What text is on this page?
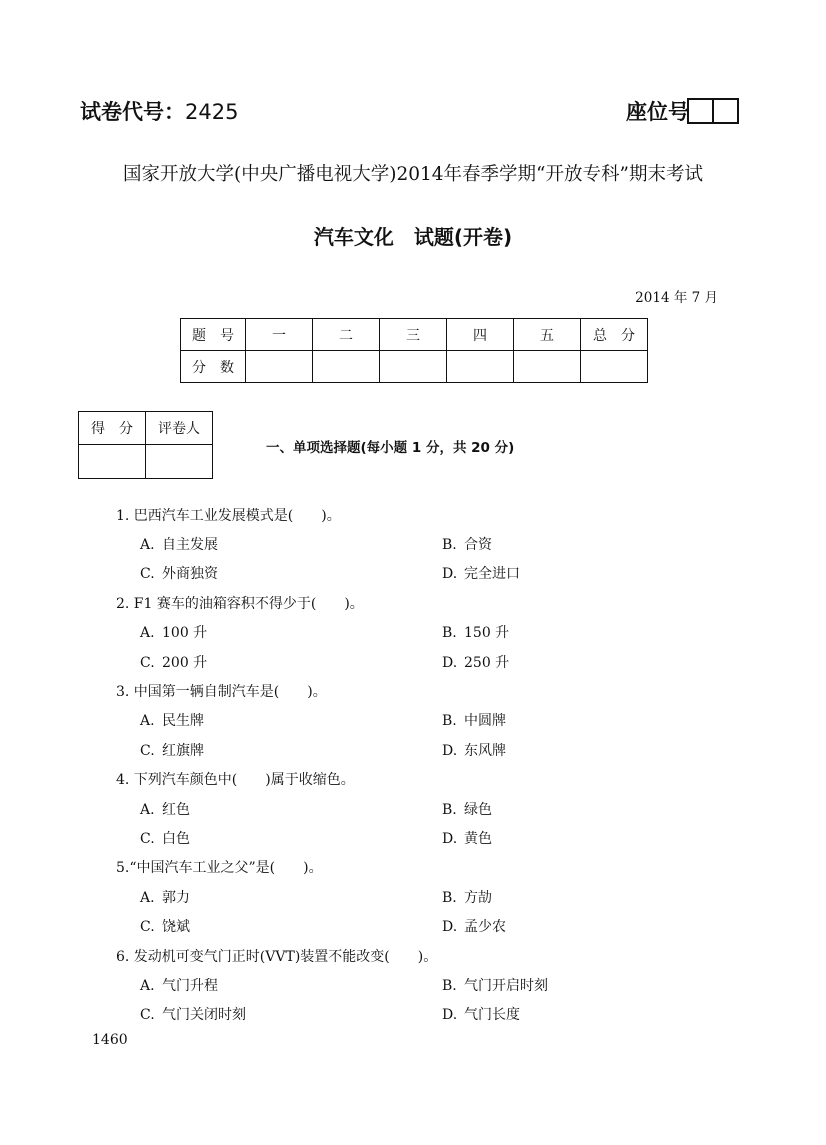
试卷代号：2425	座位号
国家开放大学(中央广播电视大学)2014年春季学期“开放专科”期末考试
汽车文化　试题(开卷)
2014 年 7 月
题　号	一	二	三	四	五	总　分
分　数						
得　分	评卷人

一、单项选择题(每小题 1 分，共 20 分)
1. 巴西汽车工业发展模式是(　　)。
A. 自主发展	B. 合资
C. 外商独资	D. 完全进口
2. F1 赛车的油箱容积不得少于(　　)。
A. 100 升	B. 150 升
C. 200 升	D. 250 升
3. 中国第一辆自制汽车是(　　)。
A. 民生牌	B. 中圆牌
C. 红旗牌	D. 东风牌
4. 下列汽车颜色中(　　)属于收缩色。
A. 红色	B. 绿色
C. 白色	D. 黄色
5.“中国汽车工业之父”是(　　)。
A. 郭力	B. 方劼
C. 饶斌	D. 孟少农
6. 发动机可变气门正时(VVT)装置不能改变(　　)。
A. 气门升程	B. 气门开启时刻
C. 气门关闭时刻	D. 气门长度
1460
